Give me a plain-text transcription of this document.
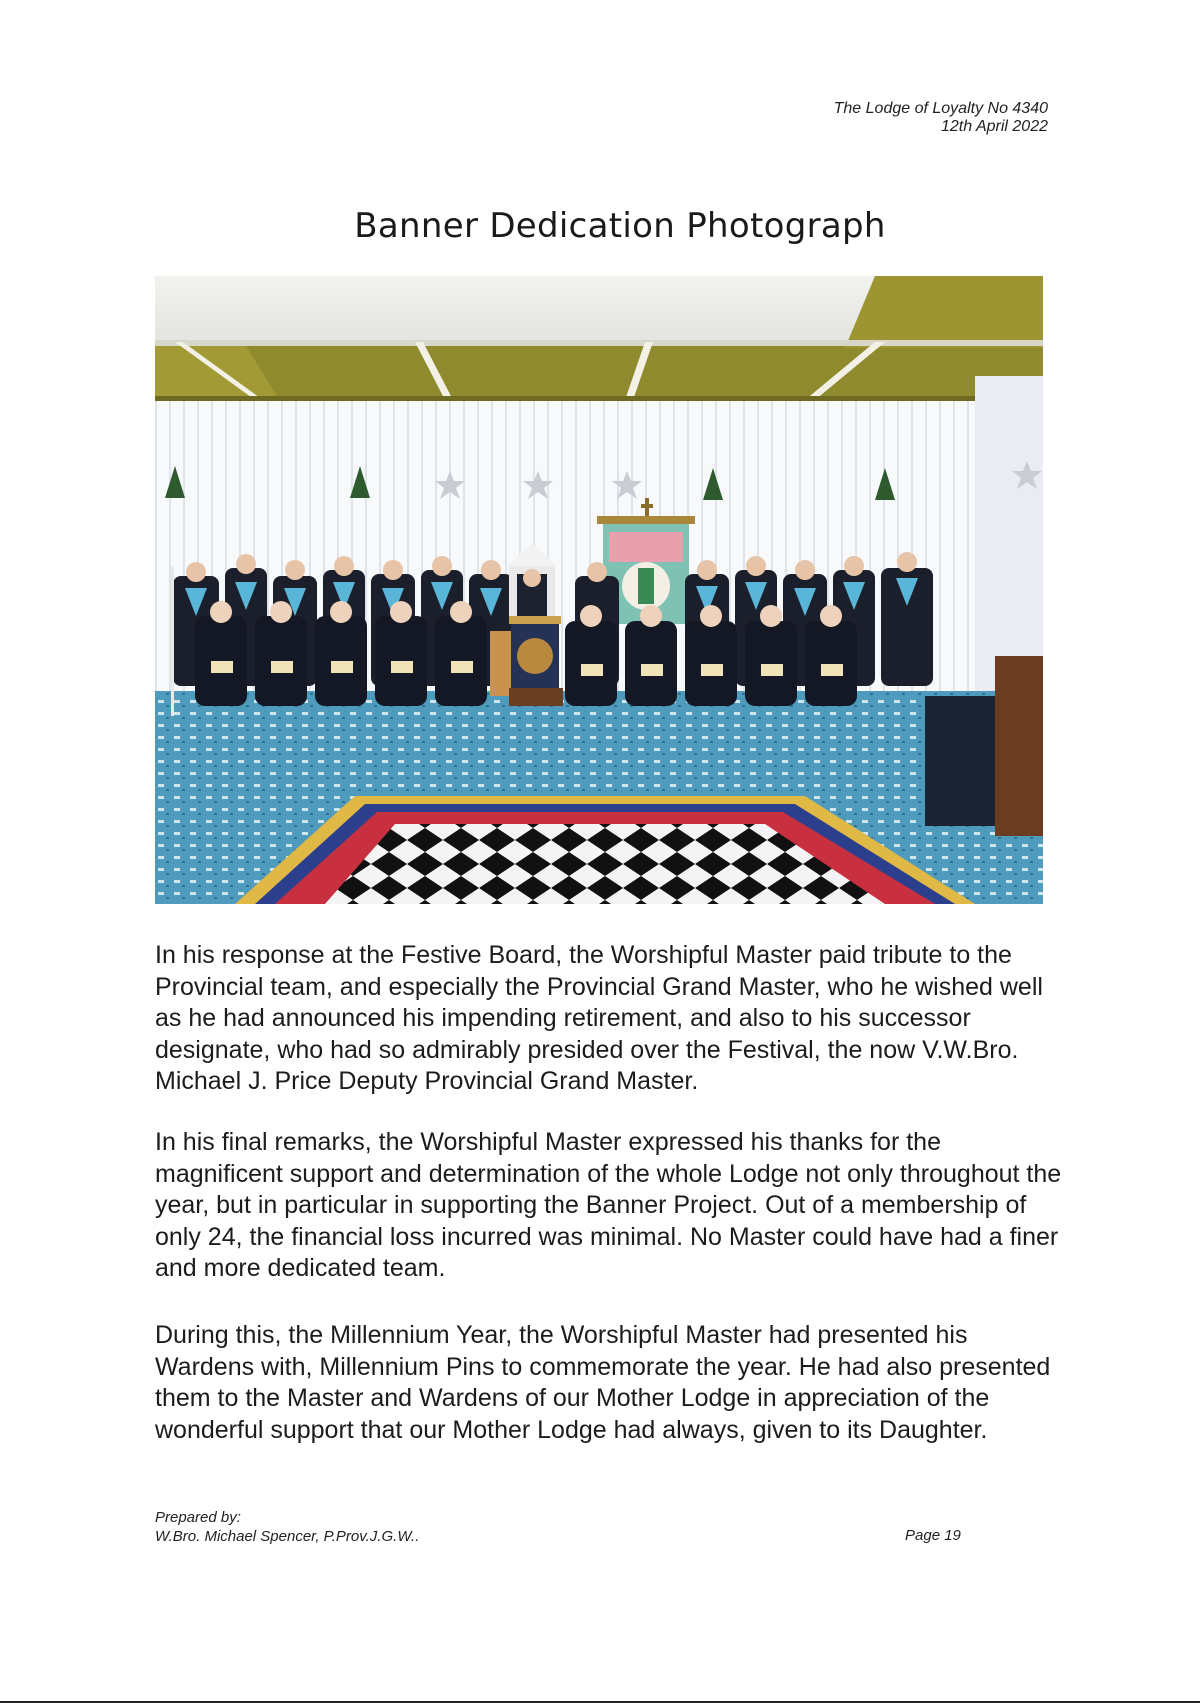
The Lodge of Loyalty No 4340
12th April 2022
Banner Dedication Photograph

In his response at the Festive Board, the Worshipful Master paid tribute to the Provincial team, and especially the Provincial Grand Master, who he wished well as he had announced his impending retirement, and also to his successor designate, who had so admirably presided over the Festival, the now V.W.Bro. Michael J. Price Deputy Provincial Grand Master.

In his final remarks, the Worshipful Master expressed his thanks for the magnificent support and determination of the whole Lodge not only throughout the year, but in particular in supporting the Banner Project. Out of a membership of only 24, the financial loss incurred was minimal. No Master could have had a finer and more dedicated team.

During this, the Millennium Year, the Worshipful Master had presented his Wardens with, Millennium Pins to commemorate the year. He had also presented them to the Master and Wardens of our Mother Lodge in appreciation of the wonderful support that our Mother Lodge had always, given to its Daughter.

Prepared by:
W.Bro. Michael Spencer, P.Prov.J.G.W..	Page 19
